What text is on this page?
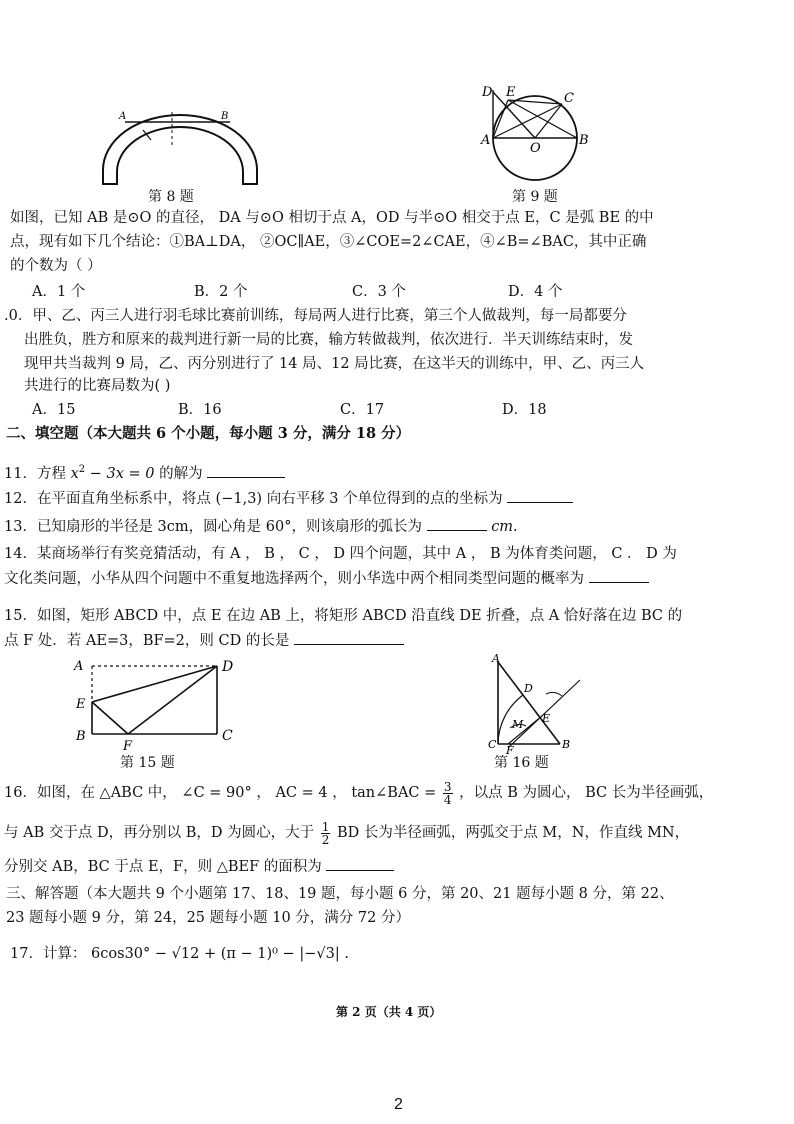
A	B
第 8 题
D E	C
A
O
B
第 9 题
如图，已知 AB 是⊙O 的直径， DA 与⊙O 相切于点 A，OD 与半⊙O 相交于点 E，C 是弧 BE 的中
点，现有如下几个结论：①BA⊥DA， ②OC∥AE，③∠COE=2∠CAE，④∠B=∠BAC，其中正确
的个数为（ ）
A．1 个	B．2 个	C．3 个	D．4 个
.0．甲、乙、丙三人进行羽毛球比赛前训练，每局两人进行比赛，第三个人做裁判，每一局都要分
出胜负，胜方和原来的裁判进行新一局的比赛，输方转做裁判，依次进行．半天训练结束时，发
现甲共当裁判 9 局，乙、丙分别进行了 14 局、12 局比赛，在这半天的训练中，甲、乙、丙三人
共进行的比赛局数为( )
A．15	B．16	C．17	D．18
二、填空题（本大题共 6 个小题，每小题 3 分，满分 18 分）
11．方程 $x^2 - 3x = 0$ 的解为
12．在平面直角坐标系中，将点 (−1,3) 向右平移 3 个单位得到的点的坐标为
13．已知扇形的半径是 3cm，圆心角是 60°，则该扇形的弧长为	cm.
14．某商场举行有奖竞猜活动，有 A ， B ， C ， D 四个问题，其中 A ， B 为体育类问题， C ． D 为
文化类问题，小华从四个问题中不重复地选择两个，则小华选中两个相同类型问题的概率为
15．如图，矩形 ABCD 中，点 E 在边 AB 上，将矩形 ABCD 沿直线 DE 折叠，点 A 恰好落在边 BC 的
点 F 处．若 AE=3，BF=2，则 CD 的长是
A	D
E
B
F
C
第 15 题
A
D
M E
C F	B
第 16 题
16．如图，在 △ABC 中， ∠C = 90° ， AC = 4 ， tan∠BAC = $\frac{3}{4}$ ，以点 B 为圆心， BC 长为半径画弧，
与 AB 交于点 D，再分别以 B，D 为圆心，大于 $\frac{1}{2}$ BD 长为半径画弧，两弧交于点 M，N，作直线 MN，
分别交 AB，BC 于点 E，F，则 △BEF 的面积为
三、解答题（本大题共 9 个小题第 17、18、19 题，每小题 6 分，第 20、21 题每小题 8 分，第 22、
23 题每小题 9 分，第 24，25 题每小题 10 分，满分 72 分）
17．计算： 6cos30° − √12 + (π − 1)⁰ − |−√3| .
第 2 页（共 4 页）
2
